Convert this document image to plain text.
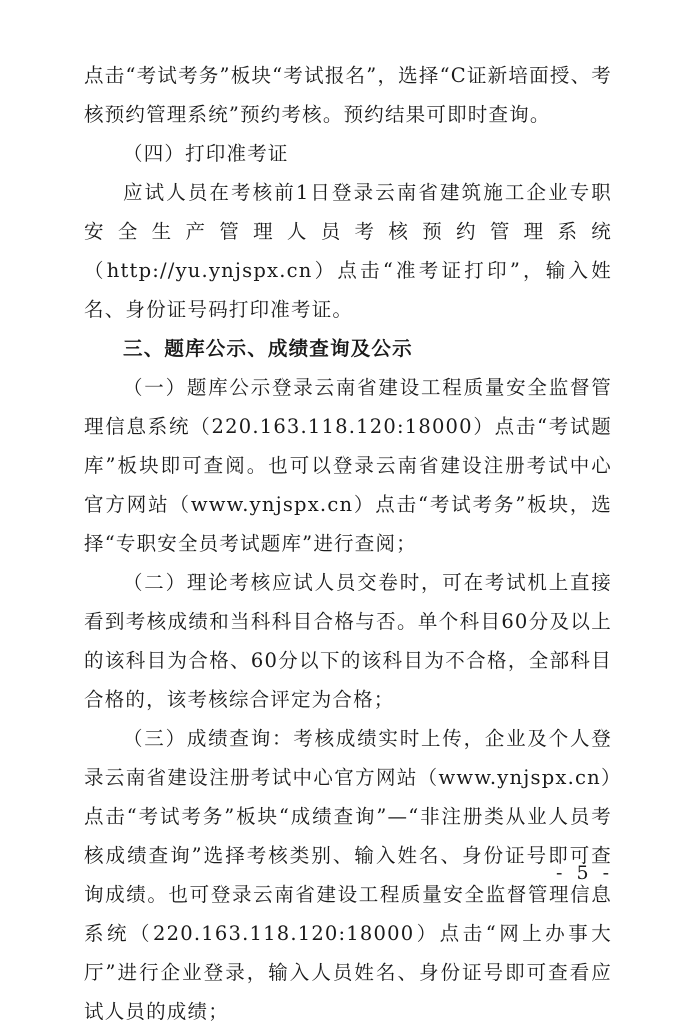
点击“考试考务”板块“考试报名”，选择“C证新培面授、考核预约管理系统”预约考核。预约结果可即时查询。

（四）打印准考证

应试人员在考核前1日登录云南省建筑施工企业专职安全生产管理人员考核预约管理系统（http://yu.ynjspx.cn）点击“准考证打印”，输入姓名、身份证号码打印准考证。

三、题库公示、成绩查询及公示

（一）题库公示登录云南省建设工程质量安全监督管理信息系统（220.163.118.120:18000）点击“考试题库”板块即可查阅。也可以登录云南省建设注册考试中心官方网站（www.ynjspx.cn）点击“考试考务”板块，选择“专职安全员考试题库”进行查阅；

（二）理论考核应试人员交卷时，可在考试机上直接看到考核成绩和当科科目合格与否。单个科目60分及以上的该科目为合格、60分以下的该科目为不合格，全部科目合格的，该考核综合评定为合格；

（三）成绩查询：考核成绩实时上传，企业及个人登录云南省建设注册考试中心官方网站（www.ynjspx.cn）点击“考试考务”板块“成绩查询”—“非注册类从业人员考核成绩查询”选择考核类别、输入姓名、身份证号即可查询成绩。也可登录云南省建设工程质量安全监督管理信息系统（220.163.118.120:18000）点击“网上办事大厅”进行企业登录，输入人员姓名、身份证号即可查看应试人员的成绩；

- 5 -
